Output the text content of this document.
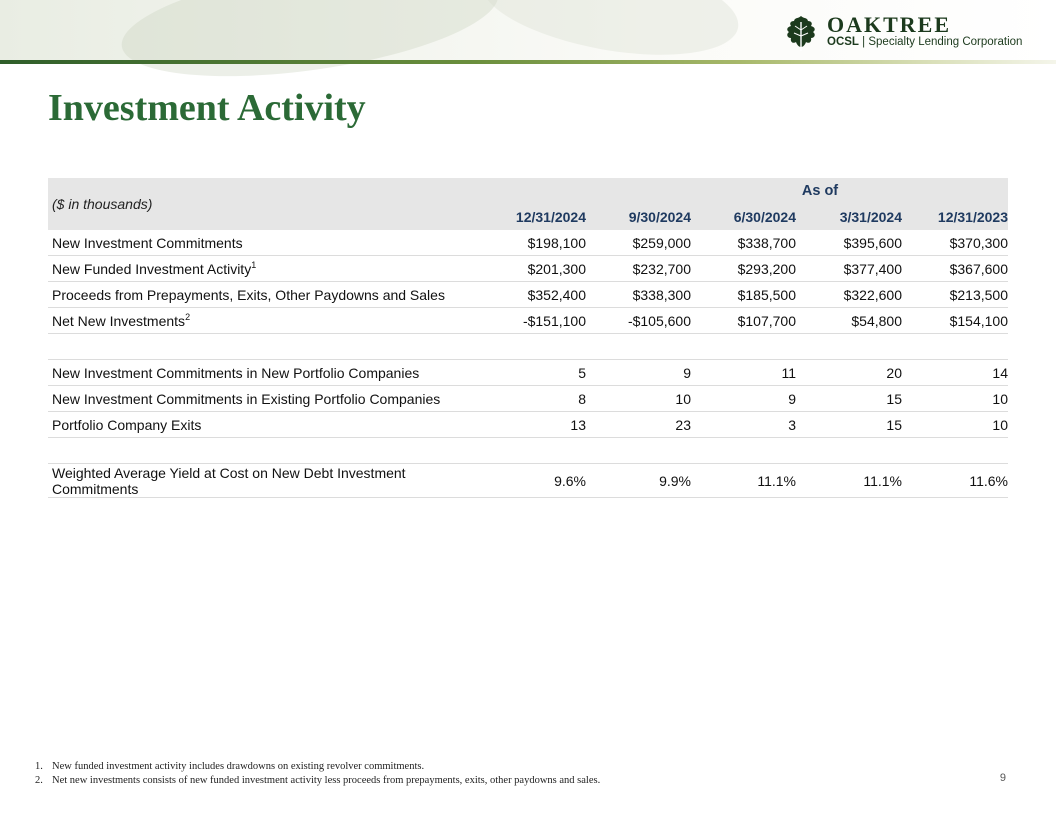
OAKTREE
OCSL | Specialty Lending Corporation
Investment Activity
($ in thousands)	As of				
	12/31/2024	9/30/2024	6/30/2024	3/31/2024	12/31/2023
New Investment Commitments	$198,100	$259,000	$338,700	$395,600	$370,300
New Funded Investment Activity$^1$	$201,300	$232,700	$293,200	$377,400	$367,600
Proceeds from Prepayments, Exits, Other Paydowns and Sales	$352,400	$338,300	$185,500	$322,600	$213,500
Net New Investments$^2$	-$151,100	-$105,600	$107,700	$54,800	$154,100

New Investment Commitments in New Portfolio Companies	5	9	11	20	14
New Investment Commitments in Existing Portfolio Companies	8	10	9	15	10
Portfolio Company Exits	13	23	3	15	10

Weighted Average Yield at Cost on New Debt Investment
Commitments	9.6%	9.9%	11.1%	11.1%	11.6%
1. New funded investment activity includes drawdowns on existing revolver commitments.
2. Net new investments consists of new funded investment activity less proceeds from prepayments, exits, other paydowns and sales.	9
